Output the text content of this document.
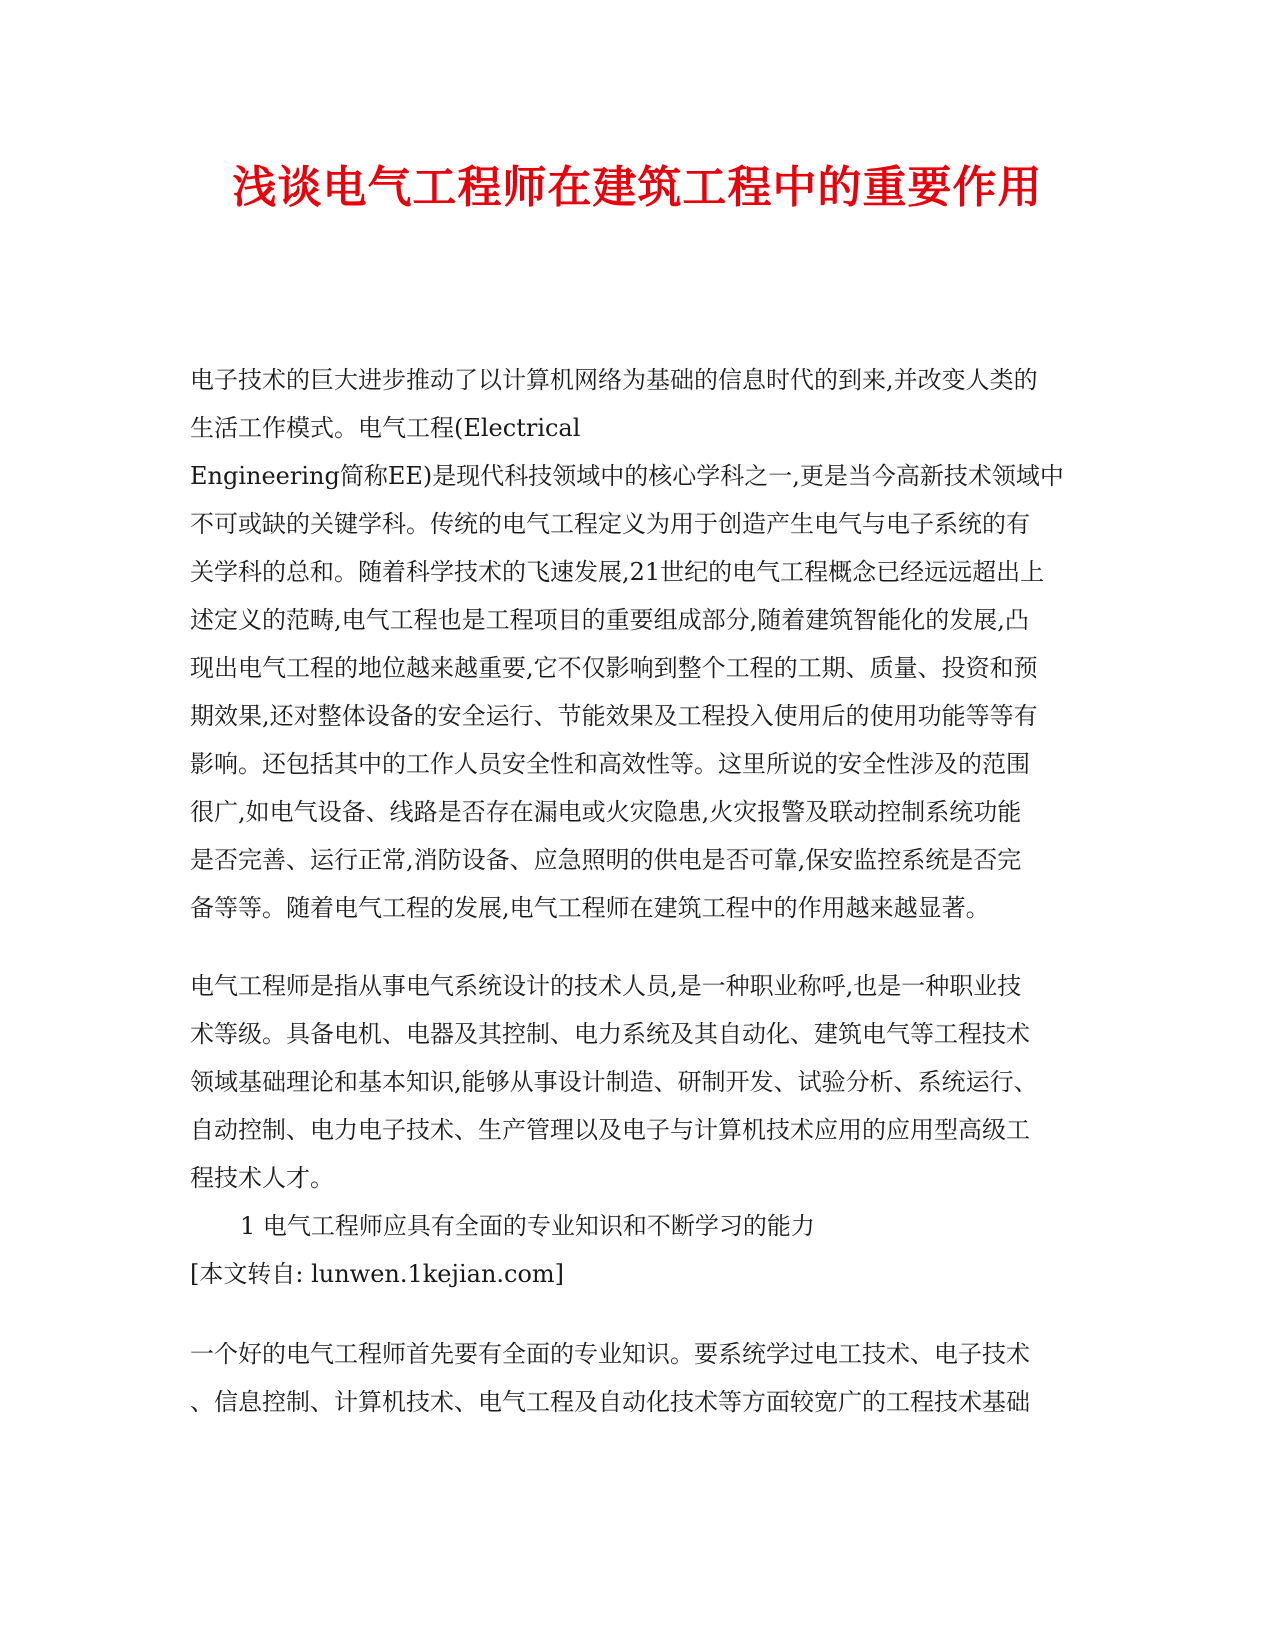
浅谈电气工程师在建筑工程中的重要作用
电子技术的巨大进步推动了以计算机网络为基础的信息时代的到来,并改变人类的
生活工作模式。电气工程(Electrical
Engineering简称EE)是现代科技领域中的核心学科之一,更是当今高新技术领域中
不可或缺的关键学科。传统的电气工程定义为用于创造产生电气与电子系统的有
关学科的总和。随着科学技术的飞速发展,21世纪的电气工程概念已经远远超出上
述定义的范畴,电气工程也是工程项目的重要组成部分,随着建筑智能化的发展,凸
现出电气工程的地位越来越重要,它不仅影响到整个工程的工期、质量、投资和预
期效果,还对整体设备的安全运行、节能效果及工程投入使用后的使用功能等等有
影响。还包括其中的工作人员安全性和高效性等。这里所说的安全性涉及的范围
很广,如电气设备、线路是否存在漏电或火灾隐患,火灾报警及联动控制系统功能
是否完善、运行正常,消防设备、应急照明的供电是否可靠,保安监控系统是否完
备等等。随着电气工程的发展,电气工程师在建筑工程中的作用越来越显著。
电气工程师是指从事电气系统设计的技术人员,是一种职业称呼,也是一种职业技
术等级。具备电机、电器及其控制、电力系统及其自动化、建筑电气等工程技术
领域基础理论和基本知识,能够从事设计制造、研制开发、试验分析、系统运行、
自动控制、电力电子技术、生产管理以及电子与计算机技术应用的应用型高级工
程技术人才。
1 电气工程师应具有全面的专业知识和不断学习的能力
[本文转自: lunwen.1kejian.com]
一个好的电气工程师首先要有全面的专业知识。要系统学过电工技术、电子技术
、信息控制、计算机技术、电气工程及自动化技术等方面较宽广的工程技术基础
